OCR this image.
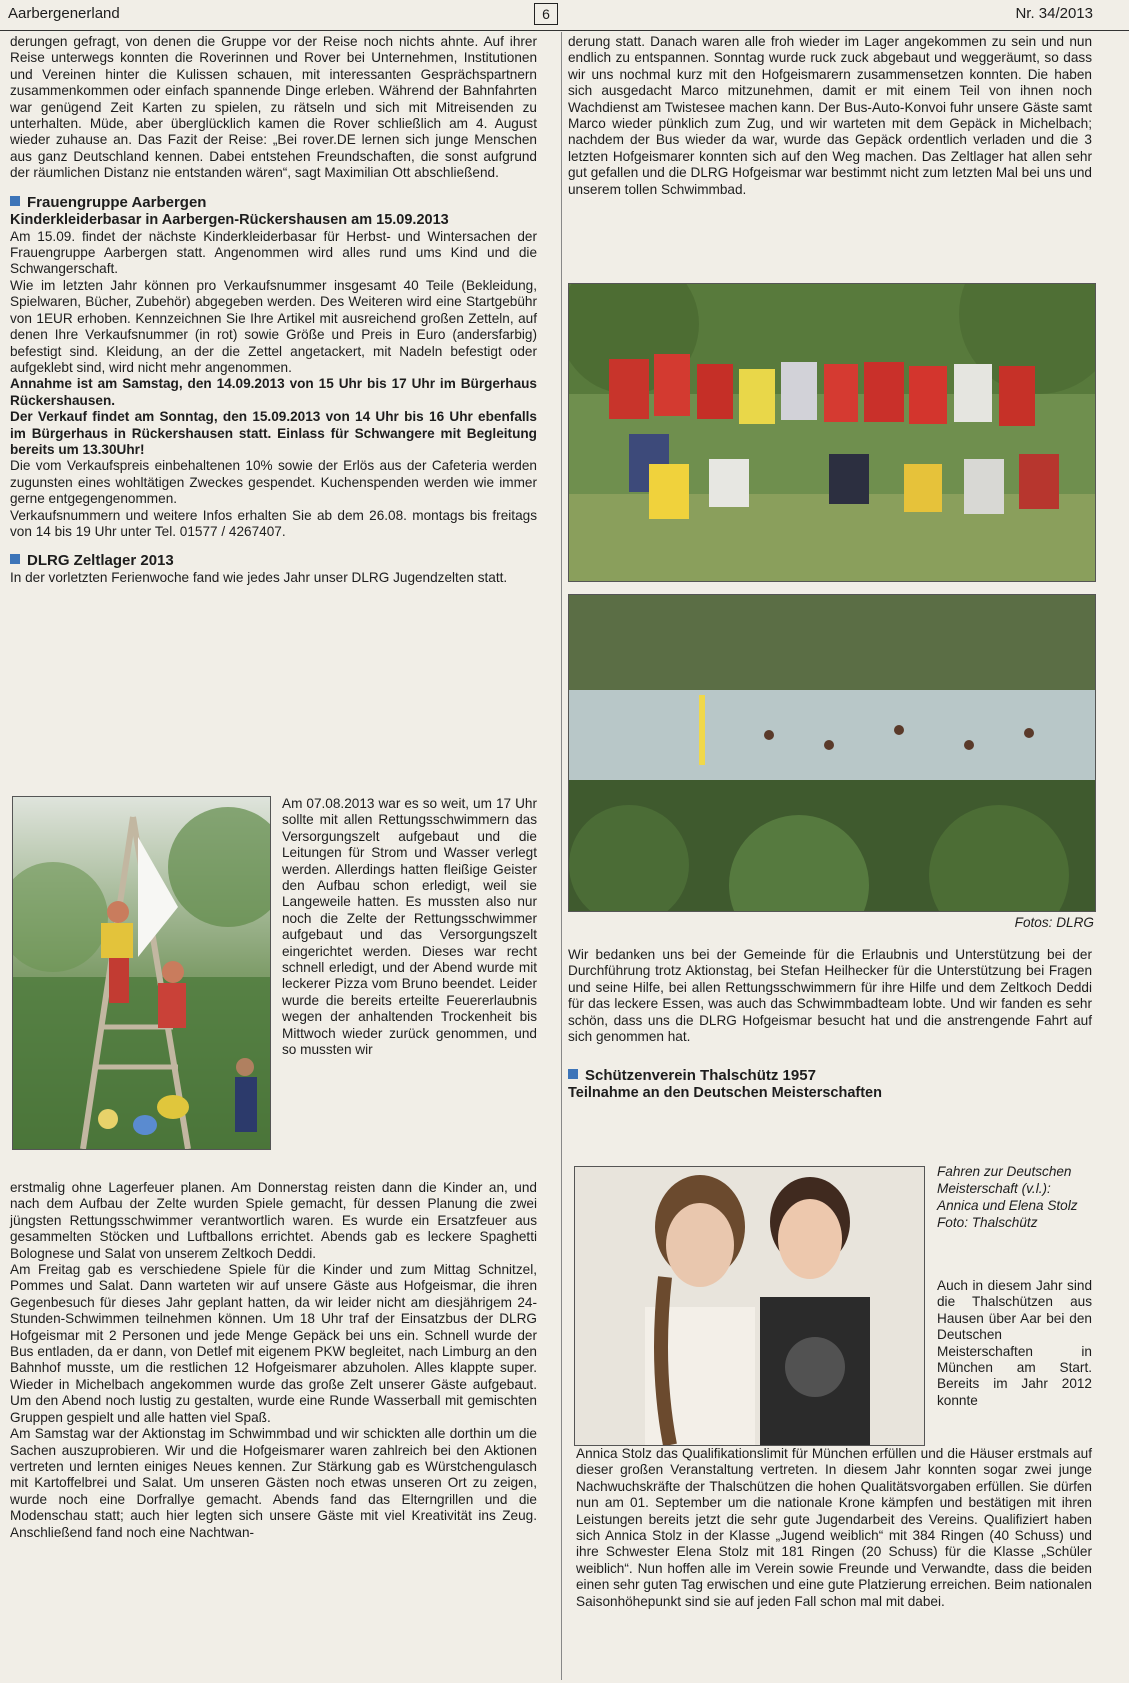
Aarbergenerland	6	Nr. 34/2013

derungen gefragt, von denen die Gruppe vor der Reise noch nichts ahnte. Auf ihrer Reise unterwegs konnten die Roverinnen und Rover bei Unternehmen, Institutionen und Vereinen hinter die Kulissen schauen, mit interessanten Gesprächspartnern zusammenkommen oder einfach spannende Dinge erleben. Während der Bahnfahrten war genügend Zeit Karten zu spielen, zu rätseln und sich mit Mitreisenden zu unterhalten. Müde, aber überglücklich kamen die Rover schließlich am 4. August wieder zuhause an. Das Fazit der Reise: „Bei rover.DE lernen sich junge Menschen aus ganz Deutschland kennen. Dabei entstehen Freundschaften, die sonst aufgrund der räumlichen Distanz nie entstanden wären“, sagt Maximilian Ott abschließend.

Frauengruppe Aarbergen
Kinderkleiderbasar in Aarbergen-Rückershausen am 15.09.2013

Am 15.09. findet der nächste Kinderkleiderbasar für Herbst- und Wintersachen der Frauengruppe Aarbergen statt. Angenommen wird alles rund ums Kind und die Schwangerschaft.

Wie im letzten Jahr können pro Verkaufsnummer insgesamt 40 Teile (Bekleidung, Spielwaren, Bücher, Zubehör) abgegeben werden. Des Weiteren wird eine Startgebühr von 1EUR erhoben. Kennzeichnen Sie Ihre Artikel mit ausreichend großen Zetteln, auf denen Ihre Verkaufsnummer (in rot) sowie Größe und Preis in Euro (andersfarbig) befestigt sind. Kleidung, an der die Zettel angetackert, mit Nadeln befestigt oder aufgeklebt sind, wird nicht mehr angenommen.

Annahme ist am Samstag, den 14.09.2013 von 15 Uhr bis 17 Uhr im Bürgerhaus Rückershausen.

Der Verkauf findet am Sonntag, den 15.09.2013 von 14 Uhr bis 16 Uhr ebenfalls im Bürgerhaus in Rückershausen statt. Einlass für Schwangere mit Begleitung bereits um 13.30Uhr!

Die vom Verkaufspreis einbehaltenen 10% sowie der Erlös aus der Cafeteria werden zugunsten eines wohltätigen Zweckes gespendet. Kuchenspenden werden wie immer gerne entgegengenommen.

Verkaufsnummern und weitere Infos erhalten Sie ab dem 26.08. montags bis freitags von 14 bis 19 Uhr unter Tel. 01577 / 4267407.

DLRG Zeltlager 2013

In der vorletzten Ferienwoche fand wie jedes Jahr unser DLRG Jugendzelten statt.

Am 07.08.2013 war es so weit, um 17 Uhr sollte mit allen Rettungsschwimmern das Versorgungszelt aufgebaut und die Leitungen für Strom und Wasser verlegt werden. Allerdings hatten fleißige Geister den Aufbau schon erledigt, weil sie Langeweile hatten. Es mussten also nur noch die Zelte der Rettungsschwimmer aufgebaut und das Versorgungszelt eingerichtet werden. Dieses war recht schnell erledigt, und der Abend wurde mit leckerer Pizza vom Bruno beendet. Leider wurde die bereits erteilte Feuererlaubnis wegen der anhaltenden Trockenheit bis Mittwoch wieder zurück genommen, und so mussten wir

erstmalig ohne Lagerfeuer planen. Am Donnerstag reisten dann die Kinder an, und nach dem Aufbau der Zelte wurden Spiele gemacht, für dessen Planung die zwei jüngsten Rettungsschwimmer verantwortlich waren. Es wurde ein Ersatzfeuer aus gesammelten Stöcken und Luftballons errichtet. Abends gab es leckere Spaghetti Bolognese und Salat von unserem Zeltkoch Deddi.

Am Freitag gab es verschiedene Spiele für die Kinder und zum Mittag Schnitzel, Pommes und Salat. Dann warteten wir auf unsere Gäste aus Hofgeismar, die ihren Gegenbesuch für dieses Jahr geplant hatten, da wir leider nicht am diesjährigem 24-Stunden-Schwimmen teilnehmen können. Um 18 Uhr traf der Einsatzbus der DLRG Hofgeismar mit 2 Personen und jede Menge Gepäck bei uns ein. Schnell wurde der Bus entladen, da er dann, von Detlef mit eigenem PKW begleitet, nach Limburg an den Bahnhof musste, um die restlichen 12 Hofgeismarer abzuholen. Alles klappte super. Wieder in Michelbach angekommen wurde das große Zelt unserer Gäste aufgebaut. Um den Abend noch lustig zu gestalten, wurde eine Runde Wasserball mit gemischten Gruppen gespielt und alle hatten viel Spaß.

Am Samstag war der Aktionstag im Schwimmbad und wir schickten alle dorthin um die Sachen auszuprobieren. Wir und die Hofgeismarer waren zahlreich bei den Aktionen vertreten und lernten einiges Neues kennen. Zur Stärkung gab es Würstchengulasch mit Kartoffelbrei und Salat. Um unseren Gästen noch etwas unseren Ort zu zeigen, wurde noch eine Dorfrallye gemacht. Abends fand das Elterngrillen und die Modenschau statt; auch hier legten sich unsere Gäste mit viel Kreativität ins Zeug. Anschließend fand noch eine Nachtwan-

derung statt. Danach waren alle froh wieder im Lager angekommen zu sein und nun endlich zu entspannen. Sonntag wurde ruck zuck abgebaut und weggeräumt, so dass wir uns nochmal kurz mit den Hofgeismarern zusammensetzen konnten. Die haben sich ausgedacht Marco mitzunehmen, damit er mit einem Teil von ihnen noch Wachdienst am Twistesee machen kann. Der Bus-Auto-Konvoi fuhr unsere Gäste samt Marco wieder pünklich zum Zug, und wir warteten mit dem Gepäck in Michelbach; nachdem der Bus wieder da war, wurde das Gepäck ordentlich verladen und die 3 letzten Hofgeismarer konnten sich auf den Weg machen. Das Zeltlager hat allen sehr gut gefallen und die DLRG Hofgeismar war bestimmt nicht zum letzten Mal bei uns und unserem tollen Schwimmbad.

Fotos: DLRG

Wir bedanken uns bei der Gemeinde für die Erlaubnis und Unterstützung bei der Durchführung trotz Aktionstag, bei Stefan Heilhecker für die Unterstützung bei Fragen und seine Hilfe, bei allen Rettungsschwimmern für ihre Hilfe und dem Zeltkoch Deddi für das leckere Essen, was auch das Schwimmbadteam lobte. Und wir fanden es sehr schön, dass uns die DLRG Hofgeismar besucht hat und die anstrengende Fahrt auf sich genommen hat.

Schützenverein Thalschütz 1957
Teilnahme an den Deutschen Meisterschaften
Fahren zur Deutschen Meisterschaft (v.l.): Annica und Elena Stolz Foto: Thalschütz

Auch in diesem Jahr sind die Thalschützen aus Hausen über Aar bei den Deutschen Meisterschaften in München am Start. Bereits im Jahr 2012 konnte

Annica Stolz das Qualifikationslimit für München erfüllen und die Häuser erstmals auf dieser großen Veranstaltung vertreten. In diesem Jahr konnten sogar zwei junge Nachwuchskräfte der Thalschützen die hohen Qualitätsvorgaben erfüllen. Sie dürfen nun am 01. September um die nationale Krone kämpfen und bestätigen mit ihren Leistungen bereits jetzt die sehr gute Jugendarbeit des Vereins. Qualifiziert haben sich Annica Stolz in der Klasse „Jugend weiblich“ mit 384 Ringen (40 Schuss) und ihre Schwester Elena Stolz mit 181 Ringen (20 Schuss) für die Klasse „Schüler weiblich“. Nun hoffen alle im Verein sowie Freunde und Verwandte, dass die beiden einen sehr guten Tag erwischen und eine gute Platzierung erreichen. Beim nationalen Saisonhöhepunkt sind sie auf jeden Fall schon mal mit dabei.
